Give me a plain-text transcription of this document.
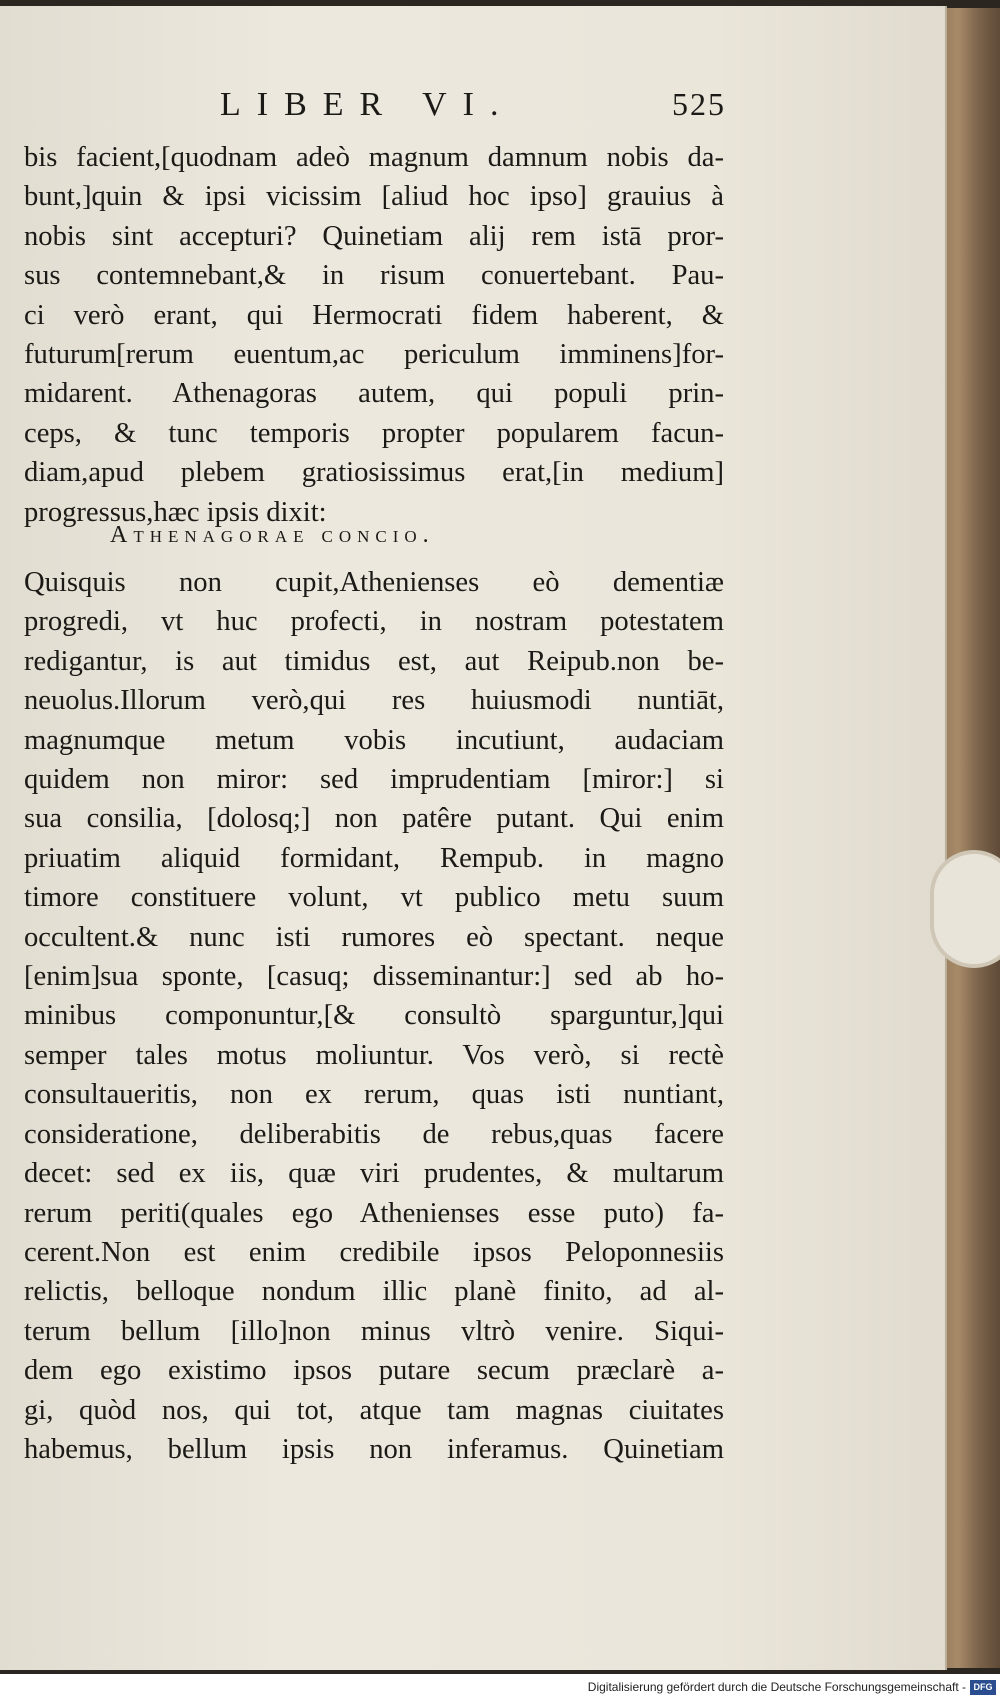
LIBER VI.	525
bis facient,[quodnam adeò magnum damnum nobis da-
bunt,]quin & ipsi vicissim [aliud hoc ipso] grauius à
nobis sint accepturi? Quinetiam alij rem istā pror-
sus contemnebant,& in risum conuertebant. Pau-
ci verò erant, qui Hermocrati fidem haberent, &
futurum[rerum euentum,ac periculum imminens]for-
midarent. Athenagoras autem, qui populi prin-
ceps, & tunc temporis propter popularem facun-
diam,apud plebem gratiosissimus erat,[in medium]
progressus,hæc ipsis dixit:
Athenagorae concio.
Quisquis non cupit,Athenienses eò dementiæ
progredi, vt huc profecti, in nostram potestatem
redigantur, is aut timidus est, aut Reipub.non be-
neuolus.Illorum verò,qui res huiusmodi nuntiāt,
magnumque metum vobis incutiunt, audaciam
quidem non miror: sed imprudentiam [miror:] si
sua consilia, [dolosq;] non patêre putant. Qui enim
priuatim aliquid formidant, Rempub. in magno
timore constituere volunt, vt publico metu suum
occultent.& nunc isti rumores eò spectant. neque
[enim]sua sponte, [casuq; disseminantur:] sed ab ho-
minibus componuntur,[& consultò sparguntur,]qui
semper tales motus moliuntur. Vos verò, si rectè
consultaueritis, non ex rerum, quas isti nuntiant,
consideratione, deliberabitis de rebus,quas facere
decet: sed ex iis, quæ viri prudentes, & multarum
rerum periti(quales ego Athenienses esse puto) fa-
cerent.Non est enim credibile ipsos Peloponnesiis
relictis, belloque nondum illic planè finito, ad al-
terum bellum [illo]non minus vltrò venire. Siqui-
dem ego existimo ipsos putare secum præclarè a-
gi, quòd nos, qui tot, atque tam magnas ciuitates
habemus, bellum ipsis non inferamus. Quinetiam
Digitalisierung gefördert durch die Deutsche Forschungsgemeinschaft - DFG
